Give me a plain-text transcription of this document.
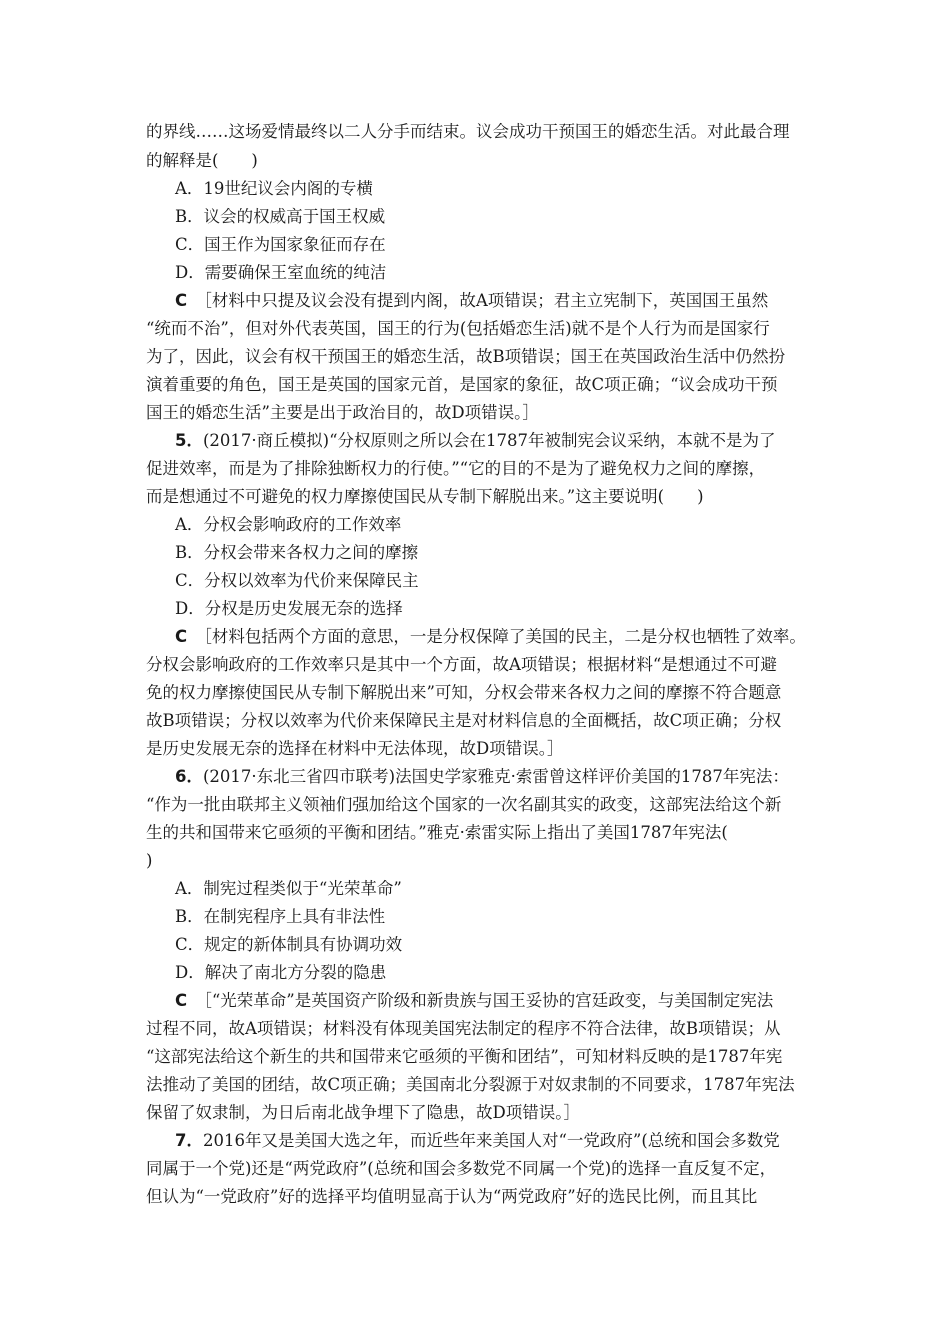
的界线……这场爱情最终以二人分手而结束。议会成功干预国王的婚恋生活。对此最合理
的解释是(　　)
A．19世纪议会内阁的专横
B．议会的权威高于国王权威
C．国王作为国家象征而存在
D．需要确保王室血统的纯洁
C  ［材料中只提及议会没有提到内阁，故A项错误；君主立宪制下，英国国王虽然
“统而不治”，但对外代表英国，国王的行为(包括婚恋生活)就不是个人行为而是国家行
为了，因此，议会有权干预国王的婚恋生活，故B项错误；国王在英国政治生活中仍然扮
演着重要的角色，国王是英国的国家元首，是国家的象征，故C项正确；“议会成功干预
国王的婚恋生活”主要是出于政治目的，故D项错误。］
5．(2017·商丘模拟)“分权原则之所以会在1787年被制宪会议采纳，本就不是为了
促进效率，而是为了排除独断权力的行使。”“它的目的不是为了避免权力之间的摩擦，
而是想通过不可避免的权力摩擦使国民从专制下解脱出来。”这主要说明(　　)
A．分权会影响政府的工作效率
B．分权会带来各权力之间的摩擦
C．分权以效率为代价来保障民主
D．分权是历史发展无奈的选择
C  ［材料包括两个方面的意思，一是分权保障了美国的民主，二是分权也牺牲了效率。
分权会影响政府的工作效率只是其中一个方面，故A项错误；根据材料“是想通过不可避
免的权力摩擦使国民从专制下解脱出来”可知，分权会带来各权力之间的摩擦不符合题意
故B项错误；分权以效率为代价来保障民主是对材料信息的全面概括，故C项正确；分权
是历史发展无奈的选择在材料中无法体现，故D项错误。］
6．(2017·东北三省四市联考)法国史学家雅克·索雷曾这样评价美国的1787年宪法：
“作为一批由联邦主义领袖们强加给这个国家的一次名副其实的政变，这部宪法给这个新
生的共和国带来它亟须的平衡和团结。”雅克·索雷实际上指出了美国1787年宪法(
)
A．制宪过程类似于“光荣革命”
B．在制宪程序上具有非法性
C．规定的新体制具有协调功效
D．解决了南北方分裂的隐患
C  ［“光荣革命”是英国资产阶级和新贵族与国王妥协的宫廷政变，与美国制定宪法
过程不同，故A项错误；材料没有体现美国宪法制定的程序不符合法律，故B项错误；从
“这部宪法给这个新生的共和国带来它亟须的平衡和团结”，可知材料反映的是1787年宪
法推动了美国的团结，故C项正确；美国南北分裂源于对奴隶制的不同要求，1787年宪法
保留了奴隶制，为日后南北战争埋下了隐患，故D项错误。］
7．2016年又是美国大选之年，而近些年来美国人对“一党政府”(总统和国会多数党
同属于一个党)还是“两党政府”(总统和国会多数党不同属一个党)的选择一直反复不定，
但认为“一党政府”好的选择平均值明显高于认为“两党政府”好的选民比例，而且其比
